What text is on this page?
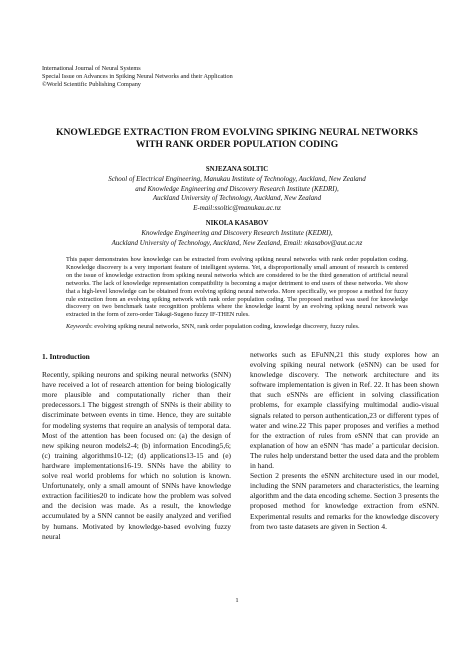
International Journal of Neural Systems
Special Issue on Advances in Spiking Neural Networks and their Application
©World Scientific Publishing Company
KNOWLEDGE EXTRACTION FROM EVOLVING SPIKING NEURAL NETWORKS
WITH RANK ORDER POPULATION CODING
SNJEZANA SOLTIC
School of Electrical Engineering, Manukau Institute of Technology, Auckland, New Zealand
and Knowledge Engineering and Discovery Research Institute (KEDRI),
Auckland University of Technology, Auckland, New Zealand
E-mail:ssoltic@manukau.ac.nz
NIKOLA KASABOV
Knowledge Engineering and Discovery Research Institute (KEDRI),
Auckland University of Technology, Auckland, New Zealand, Email: nkasabov@aut.ac.nz
This paper demonstrates how knowledge can be extracted from evolving spiking neural networks with rank order population coding. Knowledge discovery is a very important feature of intelligent systems. Yet, a disproportionally small amount of research is centered on the issue of knowledge extraction from spiking neural networks which are considered to be the third generation of artificial neural networks. The lack of knowledge representation compatibility is becoming a major detriment to end users of these networks. We show that a high-level knowledge can be obtained from evolving spiking neural networks. More specifically, we propose a method for fuzzy rule extraction from an evolving spiking network with rank order population coding. The proposed method was used for knowledge discovery on two benchmark taste recognition problems where the knowledge learnt by an evolving spiking neural network was extracted in the form of zero-order Takagi-Sugeno fuzzy IF-THEN rules.
Keywords: evolving spiking neural networks, SNN, rank order population coding, knowledge discovery, fuzzy rules.
1. Introduction

Recently, spiking neurons and spiking neural networks (SNN) have received a lot of research attention for being biologically more plausible and computationally richer than their predecessors.1 The biggest strength of SNNs is their ability to discriminate between events in time. Hence, they are suitable for modeling systems that require an analysis of temporal data. Most of the attention has been focused on: (a) the design of new spiking neuron models2-4; (b) information Encoding5,6; (c) training algorithms10-12; (d) applications13-15 and (e) hardware implementations16-19. SNNs have the ability to solve real world problems for which no solution is known. Unfortunately, only a small amount of SNNs have knowledge extraction facilities20 to indicate how the problem was solved and the decision was made. As a result, the knowledge accumulated by a SNN cannot be easily analyzed and verified by humans. Motivated by knowledge-based evolving fuzzy neural

networks such as EFuNN,21 this study explores how an evolving spiking neural network (eSNN) can be used for knowledge discovery. The network architecture and its software implementation is given in Ref. 22. It has been shown that such eSNNs are efficient in solving classification problems, for example classifying multimodal audio-visual signals related to person authentication,23 or different types of water and wine.22 This paper proposes and verifies a method for the extraction of rules from eSNN that can provide an explanation of how an eSNN ‘has made’ a particular decision. The rules help understand better the used data and the problem in hand.

Section 2 presents the eSNN architecture used in our model, including the SNN parameters and characteristics, the learning algorithm and the data encoding scheme. Section 3 presents the proposed method for knowledge extraction from eSNN. Experimental results and remarks for the knowledge discovery from two taste datasets are given in Section 4.

1
